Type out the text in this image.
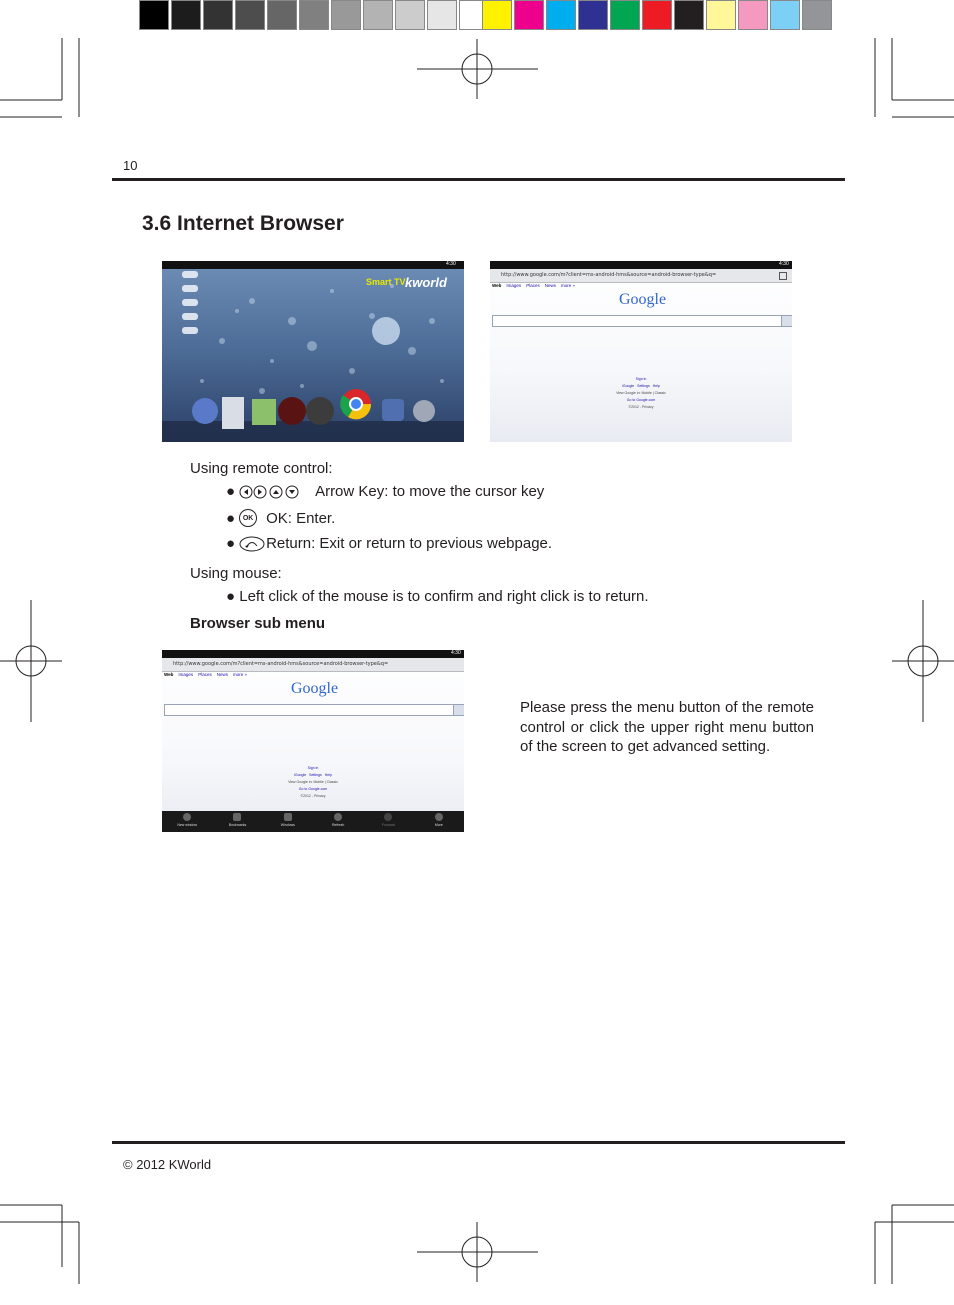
10
3.6 Internet Browser
kworld
Smart TV
4:30	4:30
http://www.google.com/m?client=ms-android-hms&source=android-browser-type&q=
Web Images Places News more »
Google
Sign in
iGoogle Settings Help
View Google in: Mobile | Classic
Go to Google.com
©2012 - Privacy
Using remote control:
●	Arrow Key: to move the cursor key
● OK OK: Enter.
● Return: Exit or return to previous webpage.
Using mouse:
● Left click of the mouse is to confirm and right click is to return.
Browser sub menu
4:30
http://www.google.com/m?client=ms-android-hms&source=android-browser-type&q=
Web Images Places News more »
Google
Sign in
iGoogle Settings Help
View Google in: Mobile | Classic
Go to Google.com
©2012 - Privacy
New window	Bookmarks	Windows	Refresh	Forward	More
Please press the menu button of the remote control or click the upper right menu button of the screen to get advanced setting.
© 2012 KWorld
